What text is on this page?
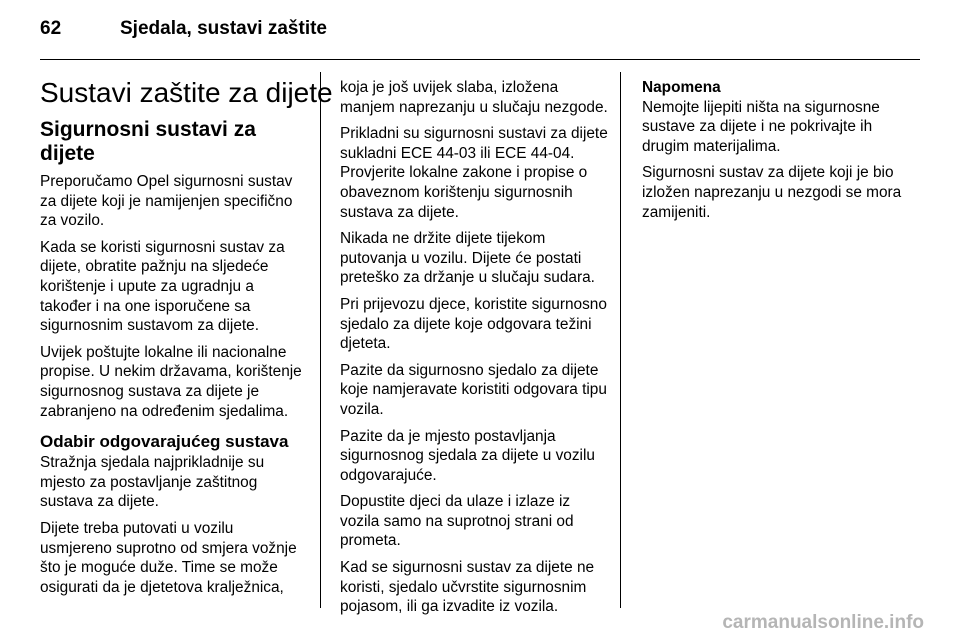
62	Sjedala, sustavi zaštite
Sustavi zaštite za dijete
Sigurnosni sustavi za dijete

Preporučamo Opel sigurnosni sustav za dijete koji je namijenjen specifično za vozilo.

Kada se koristi sigurnosni sustav za dijete, obratite pažnju na sljedeće korištenje i upute za ugradnju a također i na one isporučene sa sigurnosnim sustavom za dijete.

Uvijek poštujte lokalne ili nacionalne propise. U nekim državama, korištenje sigurnosnog sustava za dijete je zabranjeno na određenim sjedalima.

Odabir odgovarajućeg sustava

Stražnja sjedala najprikladnije su mjesto za postavljanje zaštitnog sustava za dijete.

Dijete treba putovati u vozilu usmjereno suprotno od smjera vožnje što je moguće duže. Time se može osigurati da je djetetova kralježnica,

koja je još uvijek slaba, izložena manjem naprezanju u slučaju nezgode.

Prikladni su sigurnosni sustavi za dijete sukladni ECE 44-03 ili ECE 44-04. Provjerite lokalne zakone i propise o obaveznom korištenju sigurnosnih sustava za dijete.

Nikada ne držite dijete tijekom putovanja u vozilu. Dijete će postati preteško za držanje u slučaju sudara.

Pri prijevozu djece, koristite sigurnosno sjedalo za dijete koje odgovara težini djeteta.

Pazite da sigurnosno sjedalo za dijete koje namjeravate koristiti odgovara tipu vozila.

Pazite da je mjesto postavljanja sigurnosnog sjedala za dijete u vozilu odgovarajuće.

Dopustite djeci da ulaze i izlaze iz vozila samo na suprotnoj strani od prometa.

Kad se sigurnosni sustav za dijete ne koristi, sjedalo učvrstite sigurnosnim pojasom, ili ga izvadite iz vozila.

Napomena

Nemojte lijepiti ništa na sigurnosne sustave za dijete i ne pokrivajte ih drugim materijalima.

Sigurnosni sustav za dijete koji je bio izložen naprezanju u nezgodi se mora zamijeniti.

carmanualsonline.info
